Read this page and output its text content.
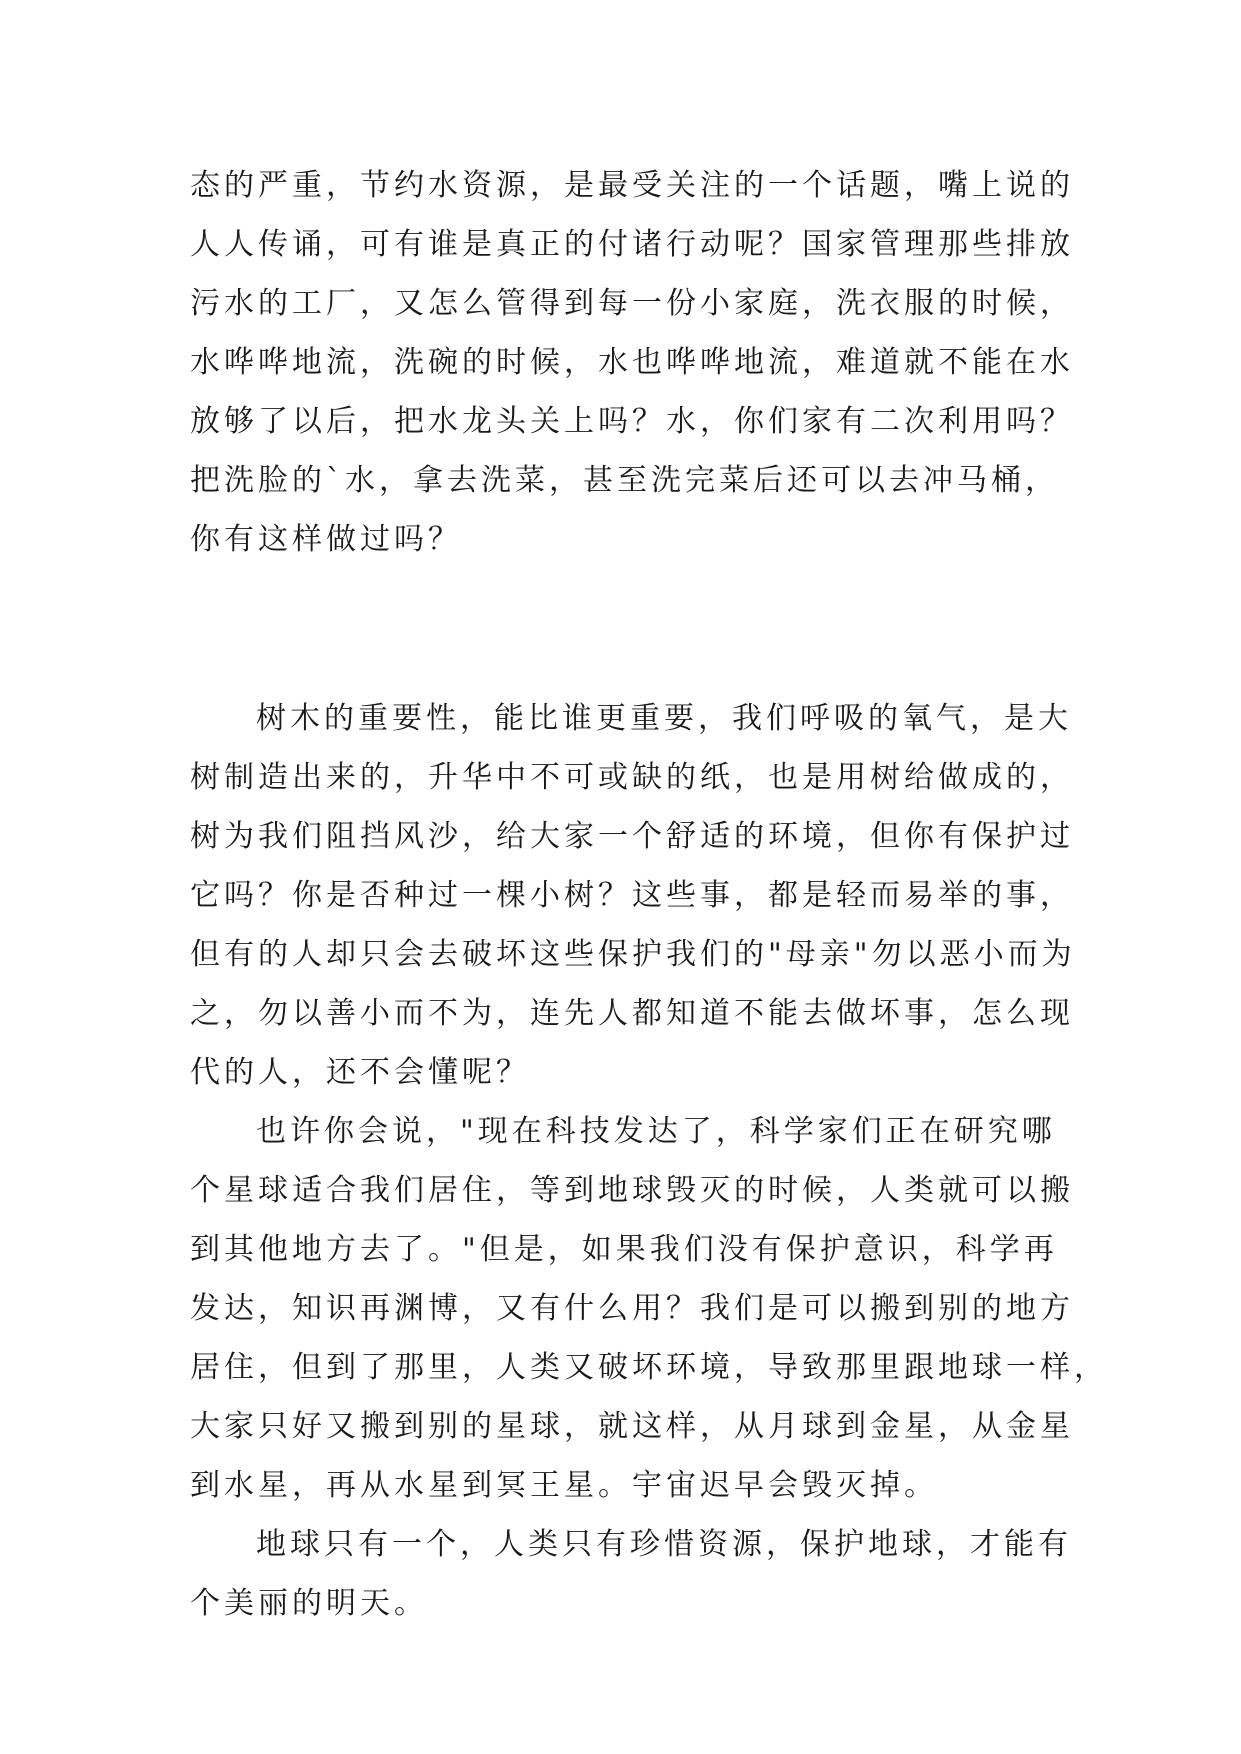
态的严重，节约水资源，是最受关注的一个话题，嘴上说的
人人传诵，可有谁是真正的付诸行动呢？国家管理那些排放
污水的工厂，又怎么管得到每一份小家庭，洗衣服的时候，
水哗哗地流，洗碗的时候，水也哗哗地流，难道就不能在水
放够了以后，把水龙头关上吗？水，你们家有二次利用吗？
把洗脸的`水，拿去洗菜，甚至洗完菜后还可以去冲马桶，
你有这样做过吗？
树木的重要性，能比谁更重要，我们呼吸的氧气，是大
树制造出来的，升华中不可或缺的纸，也是用树给做成的，
树为我们阻挡风沙，给大家一个舒适的环境，但你有保护过
它吗？你是否种过一棵小树？这些事，都是轻而易举的事，
但有的人却只会去破坏这些保护我们的"母亲"勿以恶小而为
之，勿以善小而不为，连先人都知道不能去做坏事，怎么现
代的人，还不会懂呢？
也许你会说，"现在科技发达了，科学家们正在研究哪
个星球适合我们居住，等到地球毁灭的时候，人类就可以搬
到其他地方去了。"但是，如果我们没有保护意识，科学再
发达，知识再渊博，又有什么用？我们是可以搬到别的地方
居住，但到了那里，人类又破坏环境，导致那里跟地球一样，
大家只好又搬到别的星球，就这样，从月球到金星，从金星
到水星，再从水星到冥王星。宇宙迟早会毁灭掉。
地球只有一个，人类只有珍惜资源，保护地球，才能有
个美丽的明天。
